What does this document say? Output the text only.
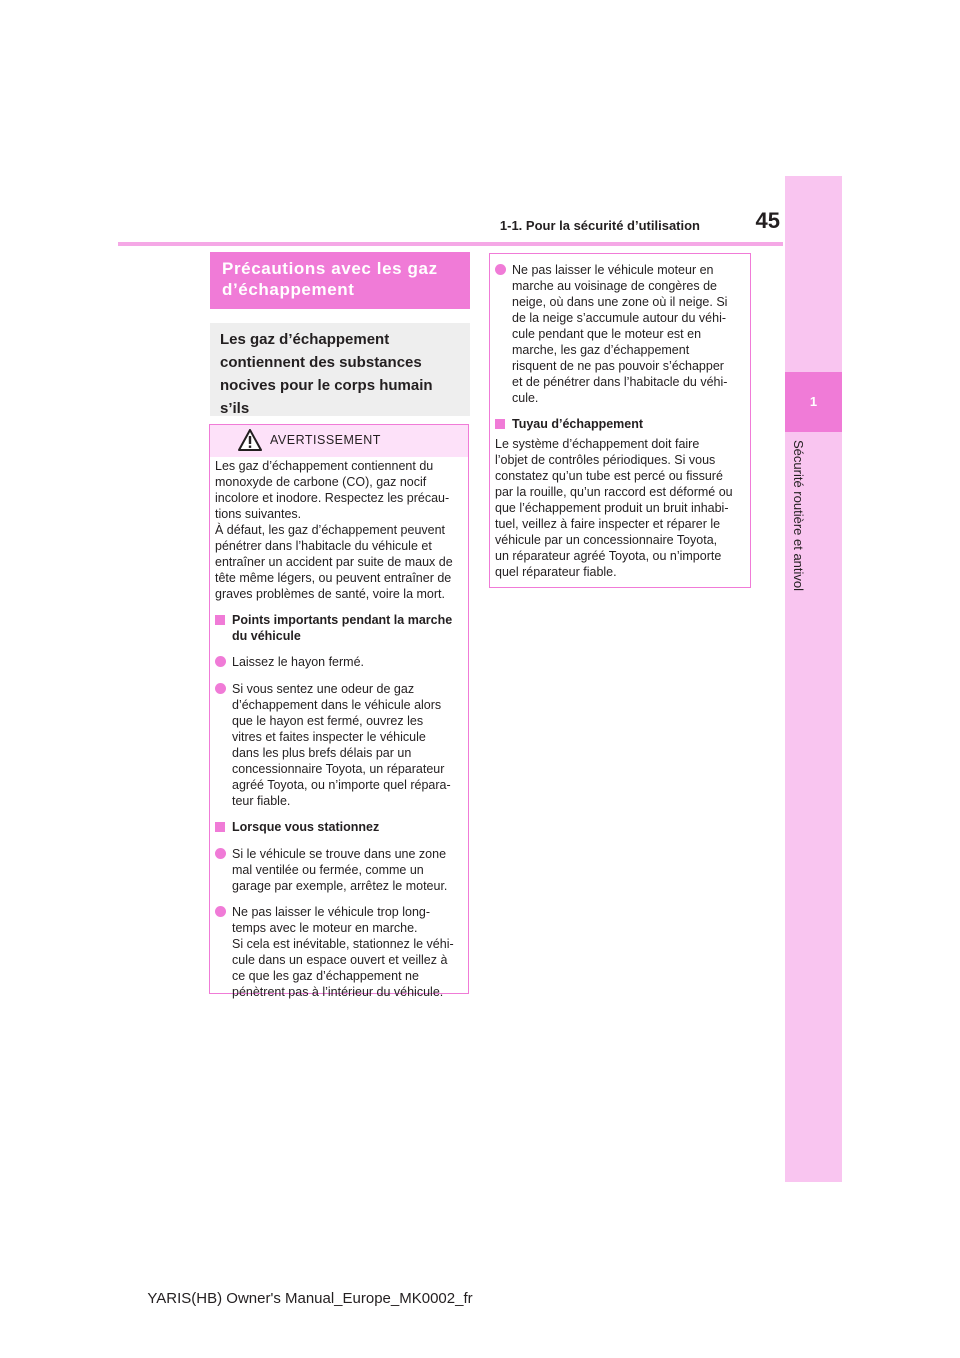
1-1. Pour la sécurité d’utilisation	45
1
Sécurité routière et antivol
Précautions avec les gaz
d’échappement
Les gaz d’échappement
contiennent des substances
nocives pour le corps humain s’ils
AVERTISSEMENT
Les gaz d’échappement contiennent du
monoxyde de carbone (CO), gaz nocif
incolore et inodore. Respectez les précau-
tions suivantes.
À défaut, les gaz d’échappement peuvent
pénétrer dans l’habitacle du véhicule et
entraîner un accident par suite de maux de
tête même légers, ou peuvent entraîner de
graves problèmes de santé, voire la mort.
Points importants pendant la marche
du véhicule
Laissez le hayon fermé.
Si vous sentez une odeur de gaz
d’échappement dans le véhicule alors
que le hayon est fermé, ouvrez les
vitres et faites inspecter le véhicule
dans les plus brefs délais par un
concessionnaire Toyota, un réparateur
agréé Toyota, ou n’importe quel répara-
teur fiable.
Lorsque vous stationnez
Si le véhicule se trouve dans une zone
mal ventilée ou fermée, comme un
garage par exemple, arrêtez le moteur.
Ne pas laisser le véhicule trop long-
temps avec le moteur en marche.
Si cela est inévitable, stationnez le véhi-
cule dans un espace ouvert et veillez à
ce que les gaz d’échappement ne
pénètrent pas à l’intérieur du véhicule.
Ne pas laisser le véhicule moteur en
marche au voisinage de congères de
neige, où dans une zone où il neige. Si
de la neige s’accumule autour du véhi-
cule pendant que le moteur est en
marche, les gaz d’échappement
risquent de ne pas pouvoir s’échapper
et de pénétrer dans l’habitacle du véhi-
cule.
Tuyau d’échappement
Le système d’échappement doit faire
l’objet de contrôles périodiques. Si vous
constatez qu’un tube est percé ou fissuré
par la rouille, qu’un raccord est déformé ou
que l’échappement produit un bruit inhabi-
tuel, veillez à faire inspecter et réparer le
véhicule par un concessionnaire Toyota,
un réparateur agréé Toyota, ou n’importe
quel réparateur fiable.
YARIS(HB) Owner's Manual_Europe_MK0002_fr
